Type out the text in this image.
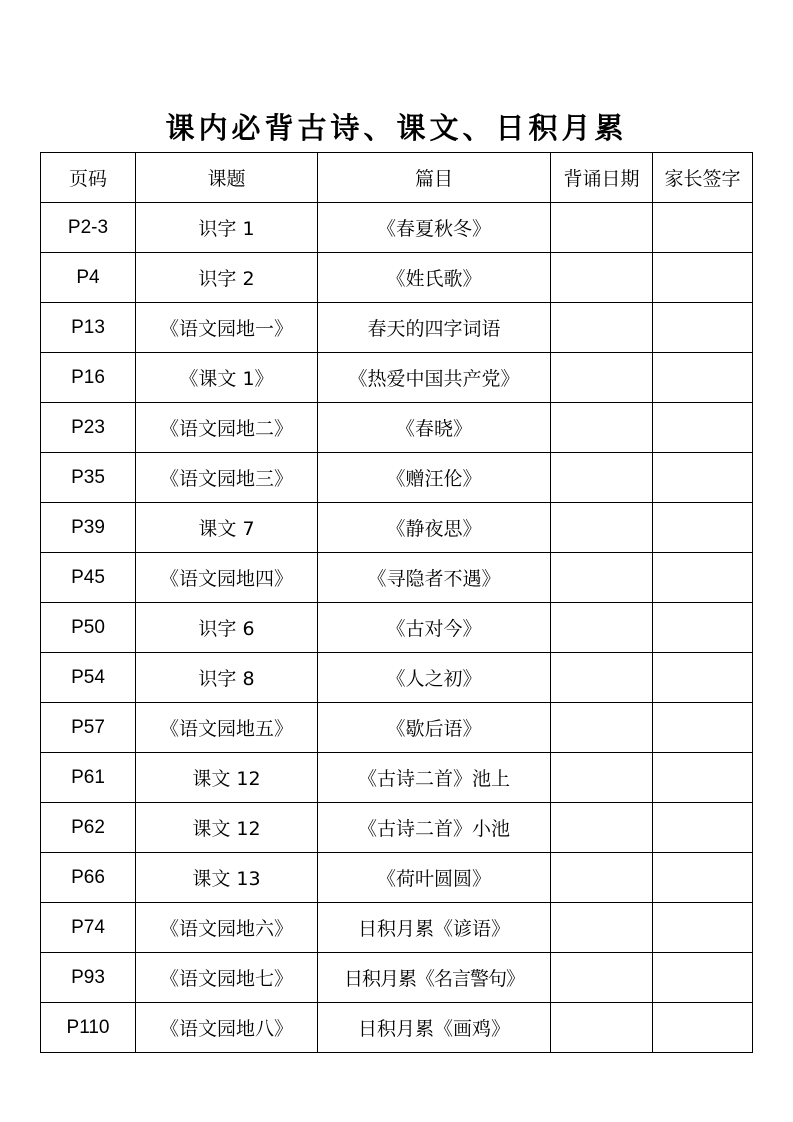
课内必背古诗、课文、日积月累
页码	课题	篇目	背诵日期	家长签字
P2-3	识字 1	《春夏秋冬》		
P4	识字 2	《姓氏歌》		
P13	《语文园地一》	春天的四字词语		
P16	《课文 1》	《热爱中国共产党》		
P23	《语文园地二》	《春晓》		
P35	《语文园地三》	《赠汪伦》		
P39	课文 7	《静夜思》		
P45	《语文园地四》	《寻隐者不遇》		
P50	识字 6	《古对今》		
P54	识字 8	《人之初》		
P57	《语文园地五》	《歇后语》		
P61	课文 12	《古诗二首》池上		
P62	课文 12	《古诗二首》小池		
P66	课文 13	《荷叶圆圆》		
P74	《语文园地六》	日积月累《谚语》		
P93	《语文园地七》	日积月累《名言警句》		
P110	《语文园地八》	日积月累《画鸡》		
